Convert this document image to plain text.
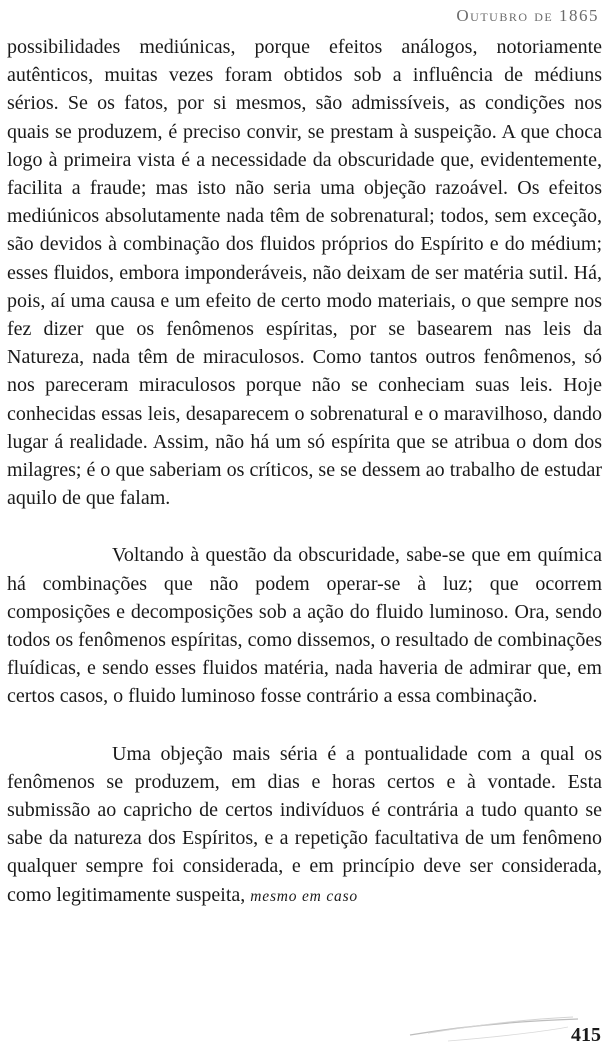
Outubro de 1865

possibilidades mediúnicas, porque efeitos análogos, notoriamente autênticos, muitas vezes foram obtidos sob a influência de médiuns sérios. Se os fatos, por si mesmos, são admissíveis, as condições nos quais se produzem, é preciso convir, se prestam à suspeição. A que choca logo à primeira vista é a necessidade da obscuridade que, evidentemente, facilita a fraude; mas isto não seria uma objeção razoável. Os efeitos mediúnicos absolutamente nada têm de sobrenatural; todos, sem exceção, são devidos à combinação dos fluidos próprios do Espírito e do médium; esses fluidos, embora imponderáveis, não deixam de ser matéria sutil. Há, pois, aí uma causa e um efeito de certo modo materiais, o que sempre nos fez dizer que os fenômenos espíritas, por se basearem nas leis da Natureza, nada têm de miraculosos. Como tantos outros fenômenos, só nos pareceram miraculosos porque não se conheciam suas leis. Hoje conhecidas essas leis, desaparecem o sobrenatural e o maravilhoso, dando lugar á realidade. Assim, não há um só espírita que se atribua o dom dos milagres; é o que saberiam os críticos, se se dessem ao trabalho de estudar aquilo de que falam.

Voltando à questão da obscuridade, sabe-se que em química há combinações que não podem operar-se à luz; que ocorrem composições e decomposições sob a ação do fluido luminoso. Ora, sendo todos os fenômenos espíritas, como dissemos, o resultado de combinações fluídicas, e sendo esses fluidos matéria, nada haveria de admirar que, em certos casos, o fluido luminoso fosse contrário a essa combinação.

Uma objeção mais séria é a pontualidade com a qual os fenômenos se produzem, em dias e horas certos e à vontade. Esta submissão ao capricho de certos indivíduos é contrária a tudo quanto se sabe da natureza dos Espíritos, e a repetição facultativa de um fenômeno qualquer sempre foi considerada, e em princípio deve ser considerada, como legitimamente suspeita, mesmo em caso

415
